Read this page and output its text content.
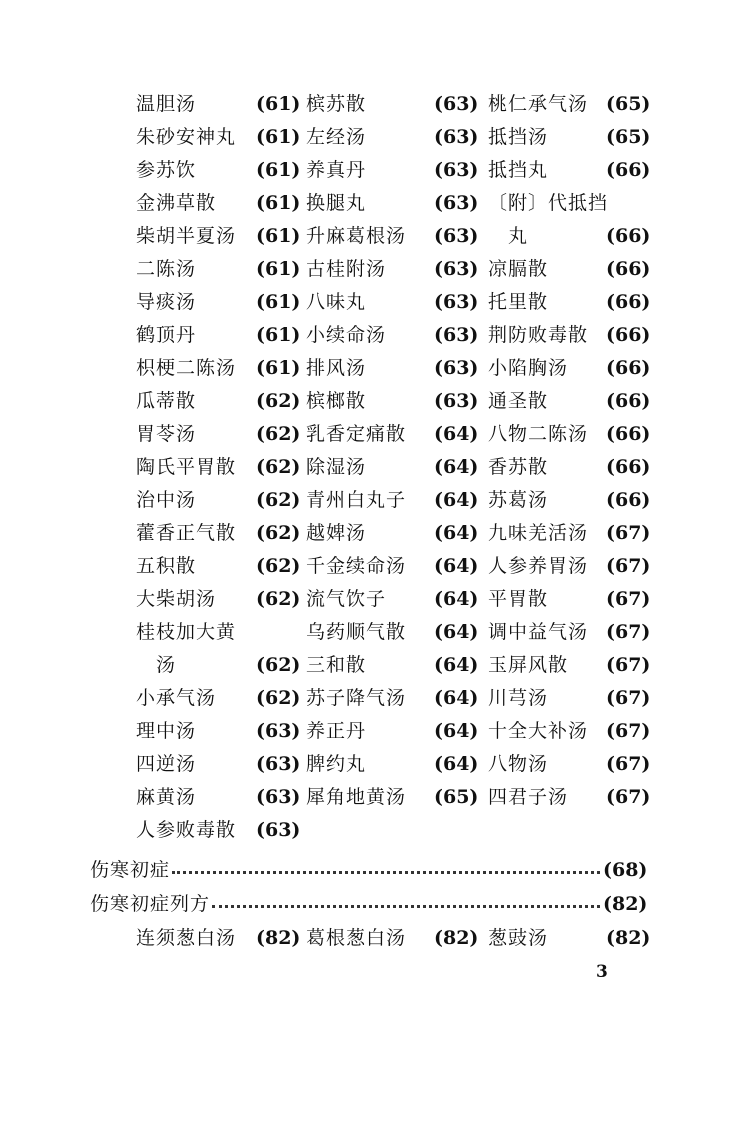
温胆汤	(61) 槟苏散	(63) 桃仁承气汤 (65)
朱砂安神丸 (61) 左经汤	(63) 抵挡汤	(65)
参苏饮	(61) 养真丹	(63) 抵挡丸	(66)
金沸草散 (61) 换腿丸	(63) 〔附〕代抵挡
柴胡半夏汤 (61) 升麻葛根汤 (63) 　丸	(66)
二陈汤	(61) 古桂附汤	(63) 凉膈散	(66)
导痰汤	(61) 八味丸	(63) 托里散	(66)
鹤顶丹	(61) 小续命汤	(63) 荆防败毒散 (66)
枳梗二陈汤 (61) 排风汤	(63) 小陷胸汤 (66)
瓜蒂散	(62) 槟榔散	(63) 通圣散	(66)
胃苓汤	(62) 乳香定痛散 (64) 八物二陈汤 (66)
陶氏平胃散 (62) 除湿汤	(64) 香苏散	(66)
治中汤	(62) 青州白丸子 (64) 苏葛汤	(66)
藿香正气散 (62) 越婢汤	(64) 九味羌活汤 (67)
五积散	(62) 千金续命汤 (64) 人参养胃汤 (67)
大柴胡汤 (62) 流气饮子	(64) 平胃散	(67)
桂枝加大黄	乌药顺气散 (64) 调中益气汤 (67)
　汤	(62) 三和散	(64) 玉屏风散 (67)
小承气汤 (62) 苏子降气汤 (64) 川芎汤	(67)
理中汤	(63) 养正丹	(64) 十全大补汤 (67)
四逆汤	(63) 脾约丸	(64) 八物汤	(67)
麻黄汤	(63) 犀角地黄汤 (65) 四君子汤 (67)
人参败毒散 (63)
伤寒初症	(68)
伤寒初症列方	(82)
连须葱白汤 (82) 葛根葱白汤 (82) 葱豉汤	(82)
3
